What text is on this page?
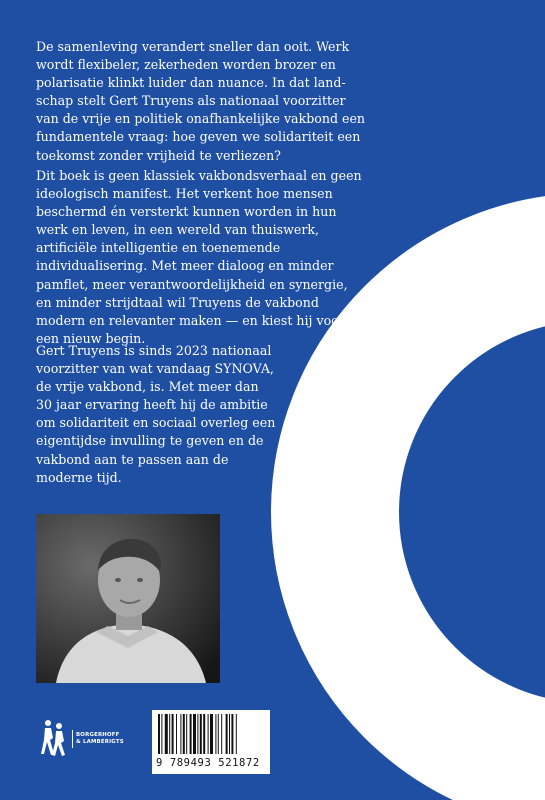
De samenleving verandert sneller dan ooit. Werk wordt flexibeler, zekerheden worden brozer en polarisatie klinkt luider dan nuance. In dat landschap stelt Gert Truyens als nationaal voorzitter van de vrije en politiek onafhankelijke vakbond een fundamentele vraag: hoe geven we solidariteit een toekomst zonder vrijheid te verliezen?

Dit boek is geen klassiek vakbondsverhaal en geen ideologisch manifest. Het verkent hoe mensen beschermd én versterkt kunnen worden in hun werk en leven, in een wereld van thuiswerk, artificiële intelligentie en toenemende individualisering. Met meer dialoog en minder pamflet, meer verantwoordelijkheid en synergie, en minder strijdtaal wil Truyens de vakbond modern en relevanter maken — en kiest hij voor een nieuw begin.

Gert Truyens is sinds 2023 nationaal voorzitter van wat vandaag SYNOVA, de vrije vakbond, is. Met meer dan 30 jaar ervaring heeft hij de ambitie om solidariteit en sociaal overleg een eigentijdse invulling te geven en de vakbond aan te passen aan de moderne tijd.

BORGERHOFF
& LAMBERIGTS
9 789493 521872
